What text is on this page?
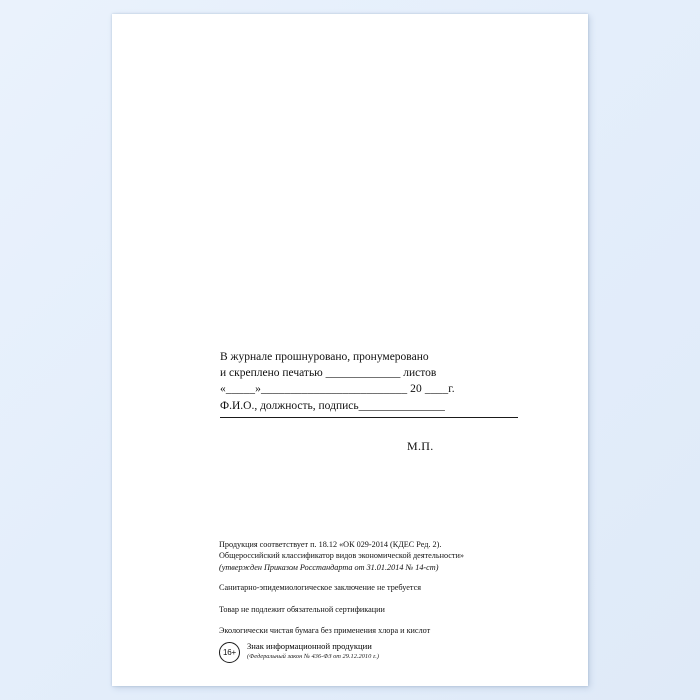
В журнале прошнуровано, пронумеровано
и скреплено печатью _____________ листов
«_____»_________________________ 20 ____г.
Ф.И.О., должность, подпись_______________
М.П.
Продукция соответствует п. 18.12 «ОК 029-2014 (КДЕС Ред. 2).
Общероссийский классификатор видов экономической деятельности»
(утвержден Приказом Росстандарта от 31.01.2014 № 14-ст)
Санитарно-эпидемиологическое заключение не требуется
Товар не подлежит обязательной сертификации
Экологически чистая бумага без применения хлора и кислот
16+
Знак информационной продукции
(Федеральный закон № 436-ФЗ от 29.12.2010 г.)
